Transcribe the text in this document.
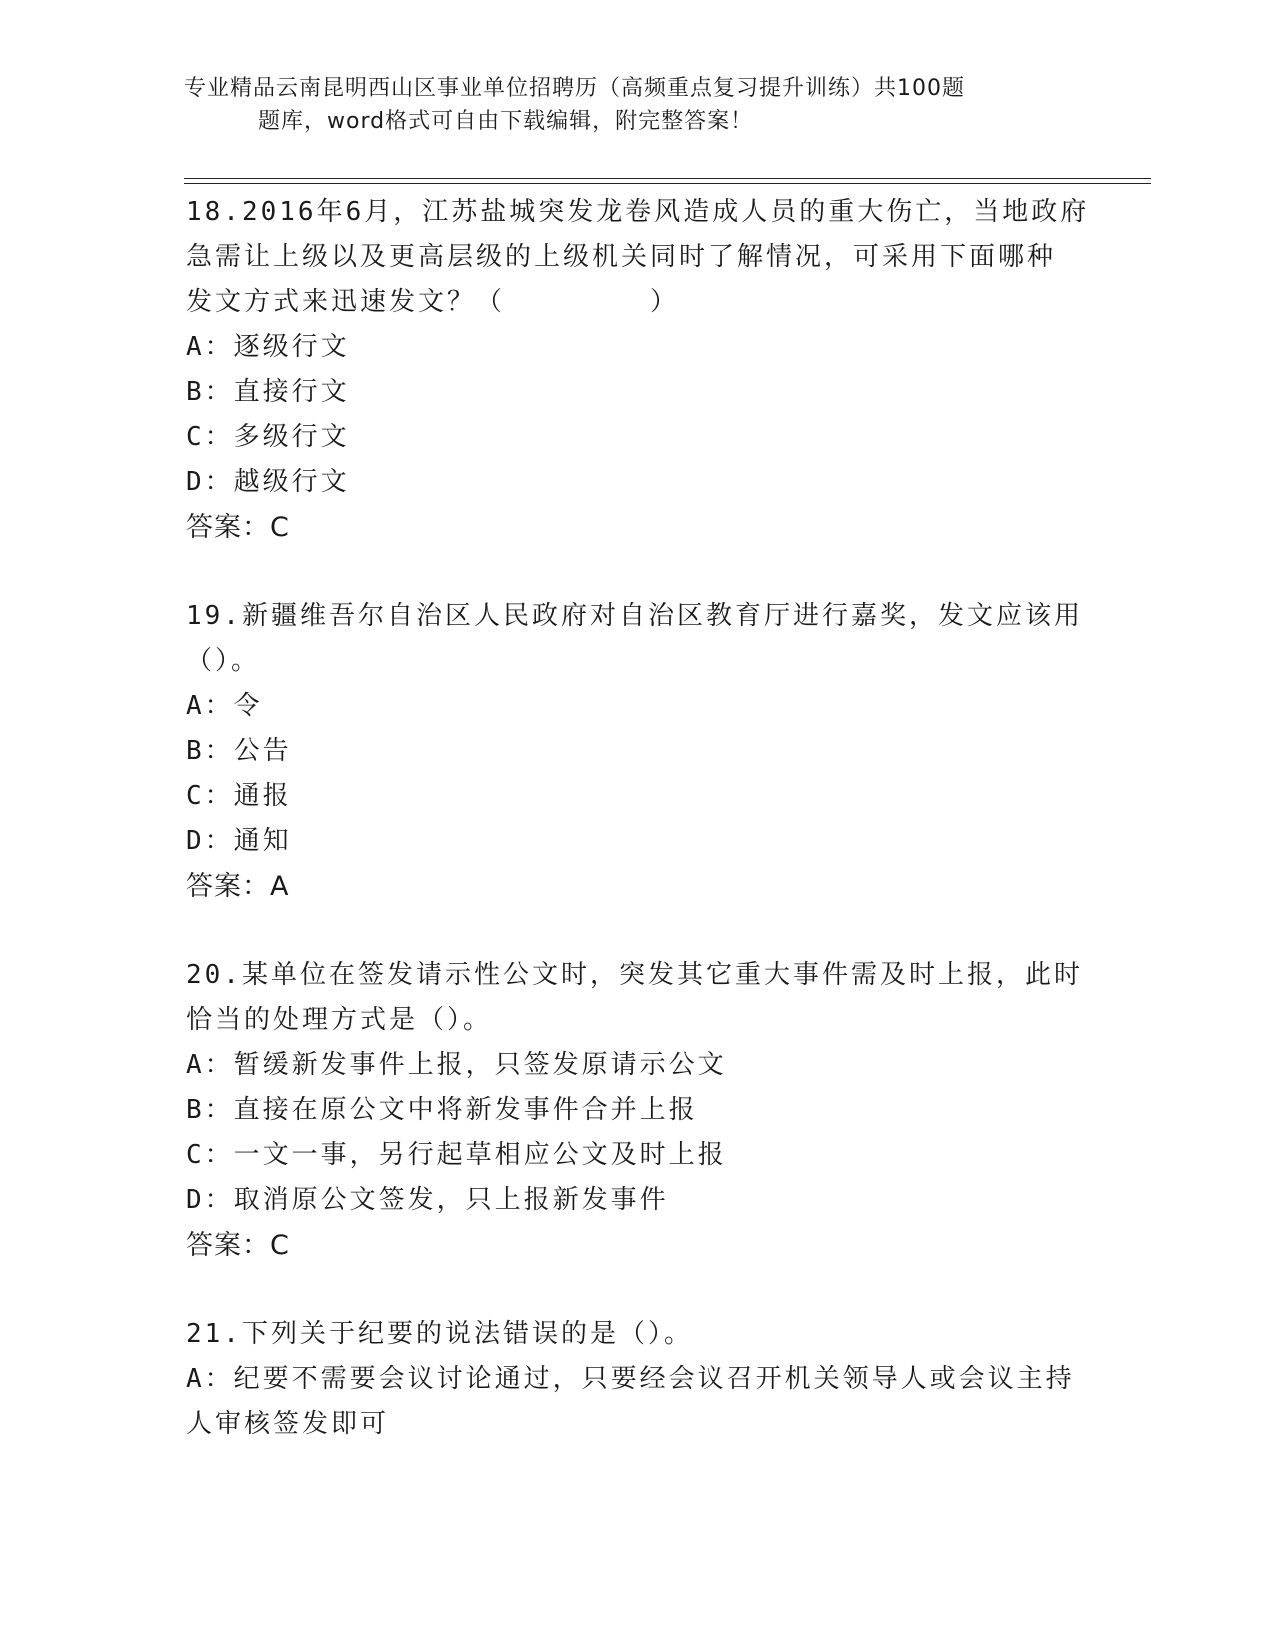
专业精品云南昆明西山区事业单位招聘历（高频重点复习提升训练）共100题
题库，word格式可自由下载编辑，附完整答案！
18.2016年6月，江苏盐城突发龙卷风造成人员的重大伤亡，当地政府
急需让上级以及更高层级的上级机关同时了解情况，可采用下面哪种
发文方式来迅速发文？（　　　　　）
A：逐级行文
B：直接行文
C：多级行文
D：越级行文
答案：C
19.新疆维吾尔自治区人民政府对自治区教育厅进行嘉奖，发文应该用
（）。
A：令
B：公告
C：通报
D：通知
答案：A
20.某单位在签发请示性公文时，突发其它重大事件需及时上报，此时
恰当的处理方式是（）。
A：暂缓新发事件上报，只签发原请示公文
B：直接在原公文中将新发事件合并上报
C：一文一事，另行起草相应公文及时上报
D：取消原公文签发，只上报新发事件
答案：C
21.下列关于纪要的说法错误的是（）。
A：纪要不需要会议讨论通过，只要经会议召开机关领导人或会议主持
人审核签发即可
